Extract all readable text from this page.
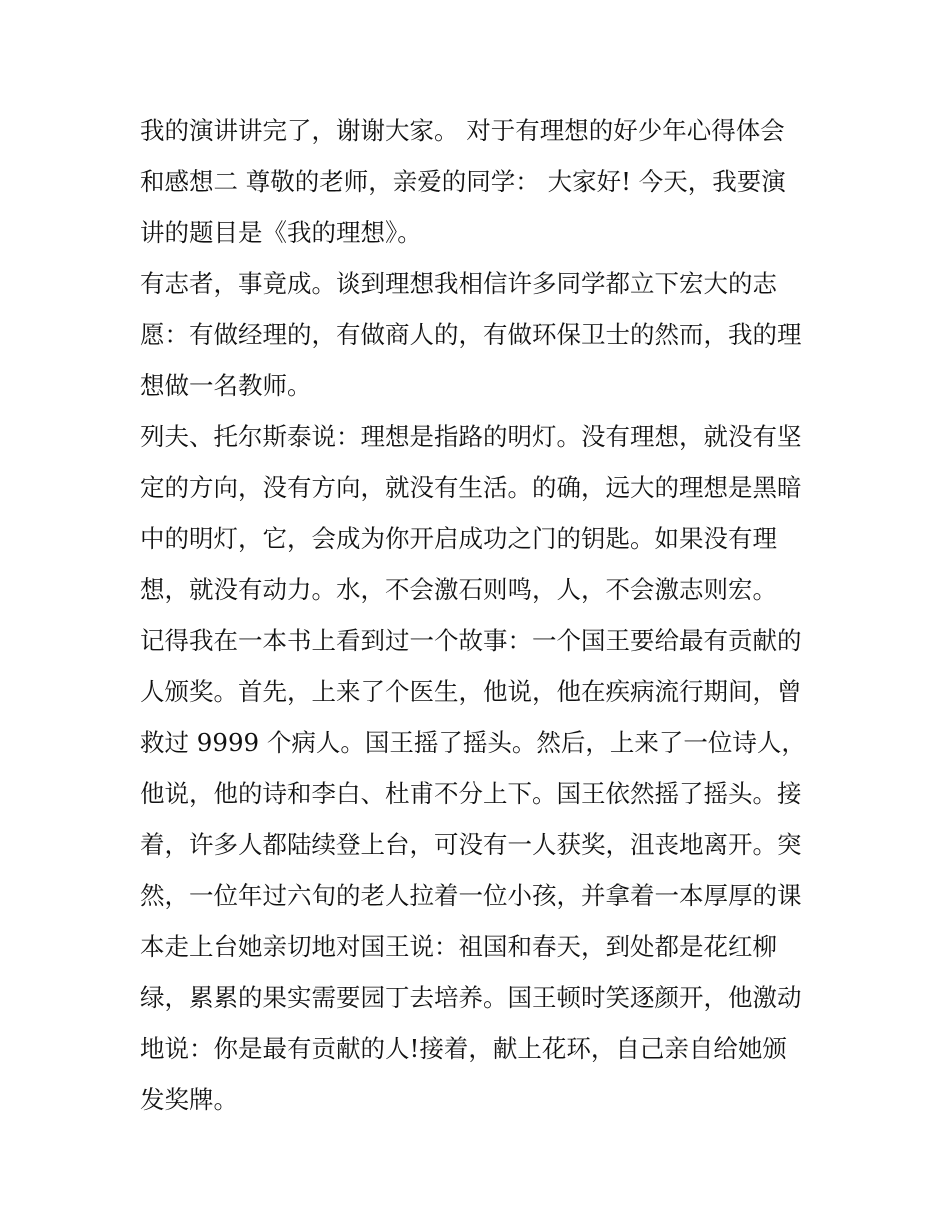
我的演讲讲完了，谢谢大家。 对于有理想的好少年心得体会
和感想二 尊敬的老师，亲爱的同学： 大家好! 今天，我要演
讲的题目是《我的理想》。
有志者，事竟成。谈到理想我相信许多同学都立下宏大的志
愿：有做经理的，有做商人的，有做环保卫士的然而，我的理
想做一名教师。
列夫、托尔斯泰说：理想是指路的明灯。没有理想，就没有坚
定的方向，没有方向，就没有生活。的确，远大的理想是黑暗
中的明灯，它，会成为你开启成功之门的钥匙。如果没有理
想，就没有动力。水，不会激石则鸣，人，不会激志则宏。
记得我在一本书上看到过一个故事：一个国王要给最有贡献的
人颁奖。首先，上来了个医生，他说，他在疾病流行期间，曾
救过 9999 个病人。国王摇了摇头。然后，上来了一位诗人，
他说，他的诗和李白、杜甫不分上下。国王依然摇了摇头。接
着，许多人都陆续登上台，可没有一人获奖，沮丧地离开。突
然，一位年过六旬的老人拉着一位小孩，并拿着一本厚厚的课
本走上台她亲切地对国王说：祖国和春天，到处都是花红柳
绿，累累的果实需要园丁去培养。国王顿时笑逐颜开，他激动
地说：你是最有贡献的人!接着，献上花环，自己亲自给她颁
发奖牌。
